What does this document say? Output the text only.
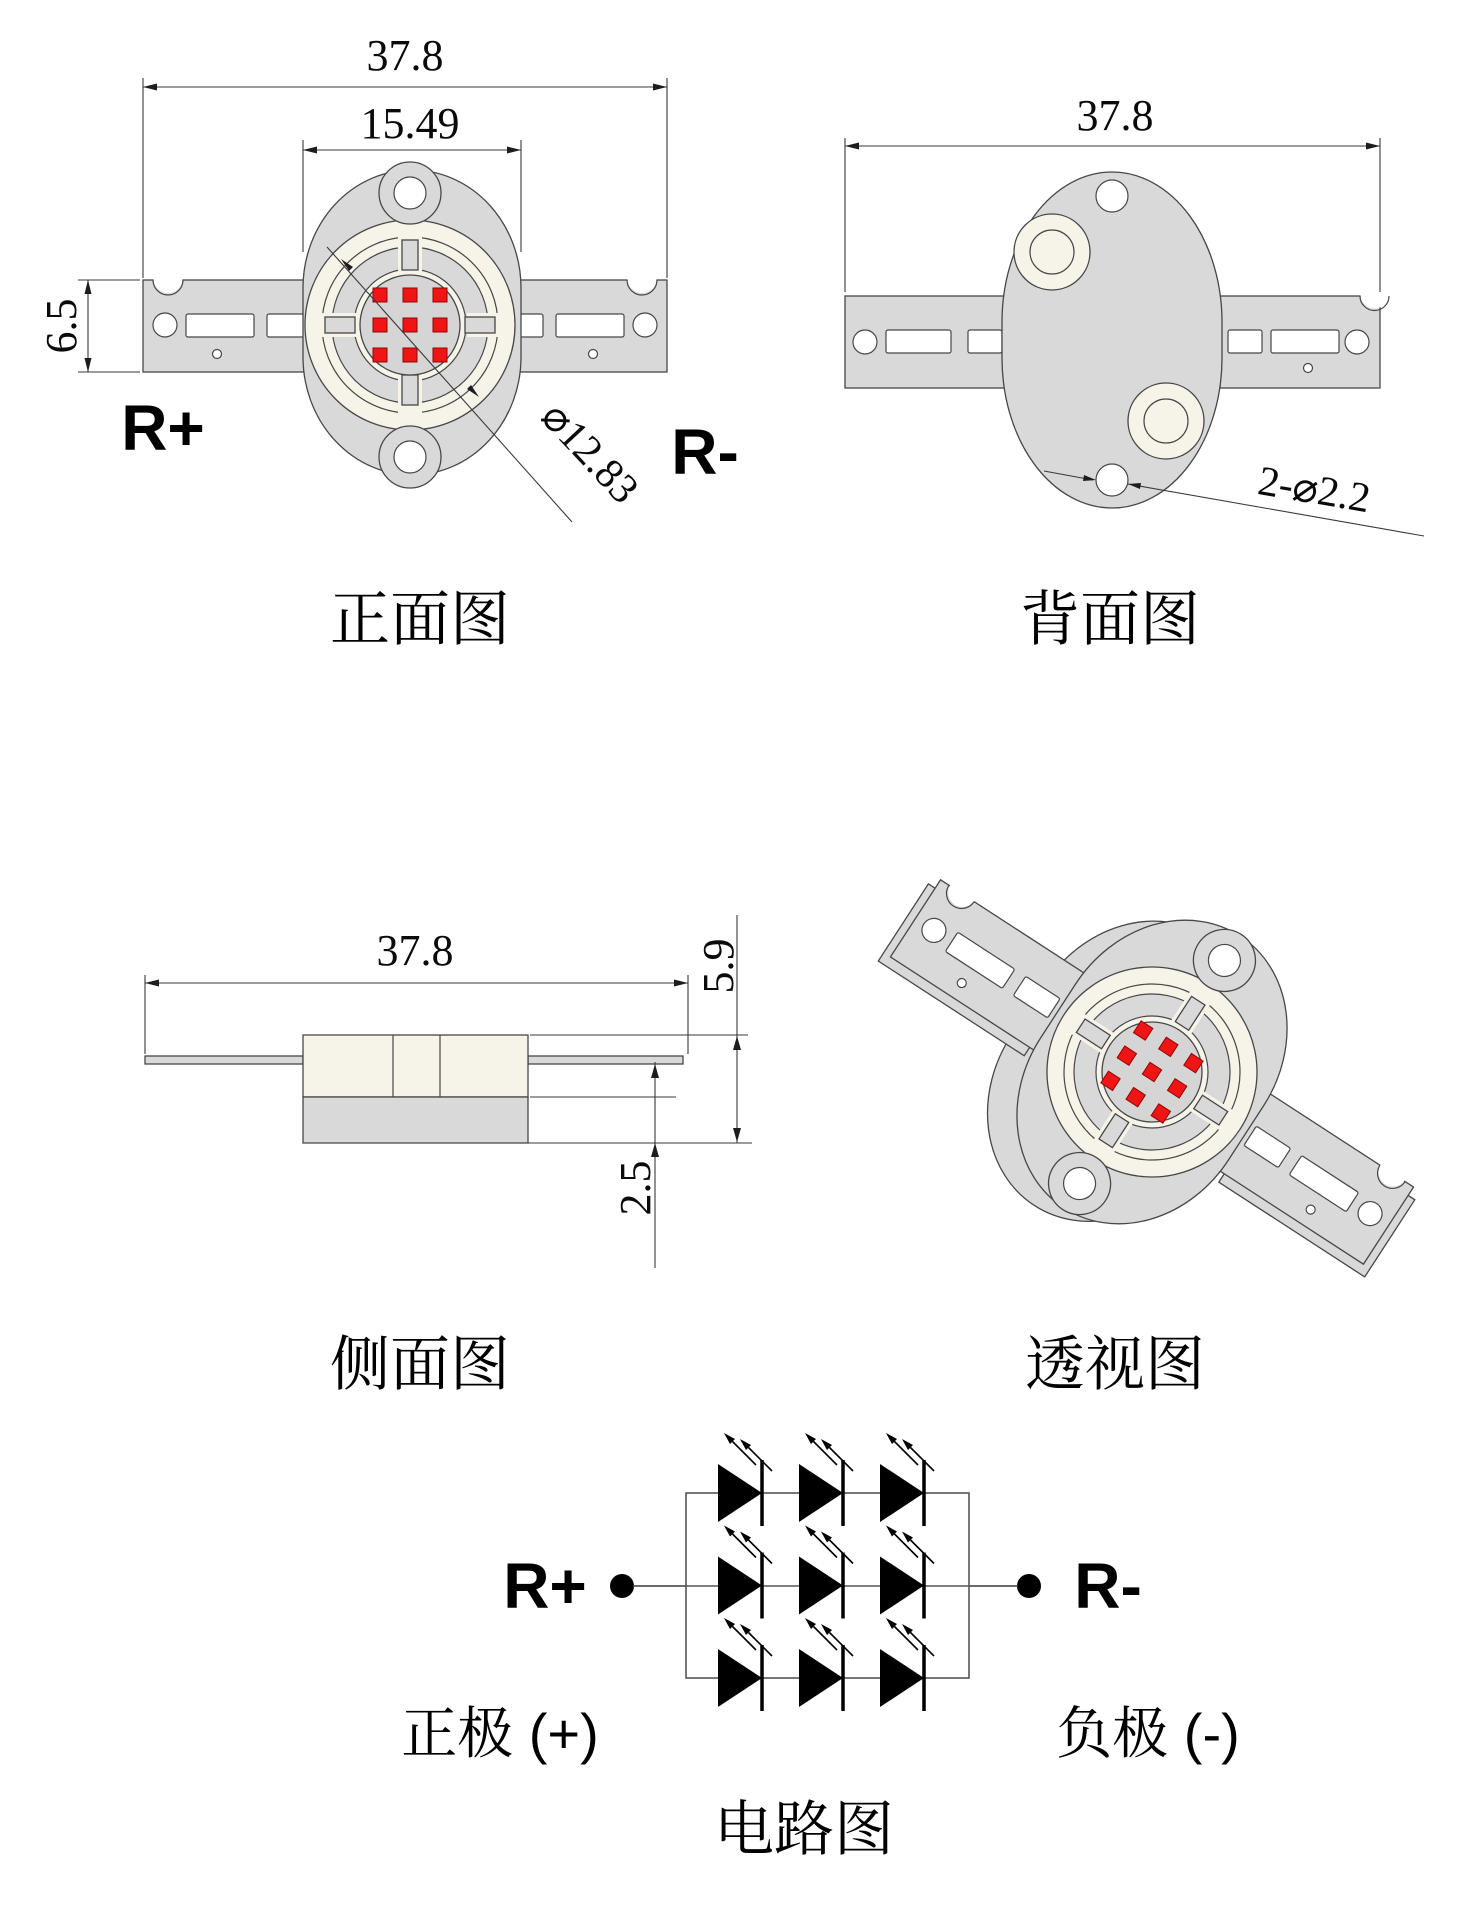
⌀12.83
37.8
15.49
6.5
R+	R-
正面图
37.8
2-⌀2.2
背面图
37.8	5.9
2.5
侧面图	透视图
R+	R-
正极 (+)	负极 (-)
电路图
